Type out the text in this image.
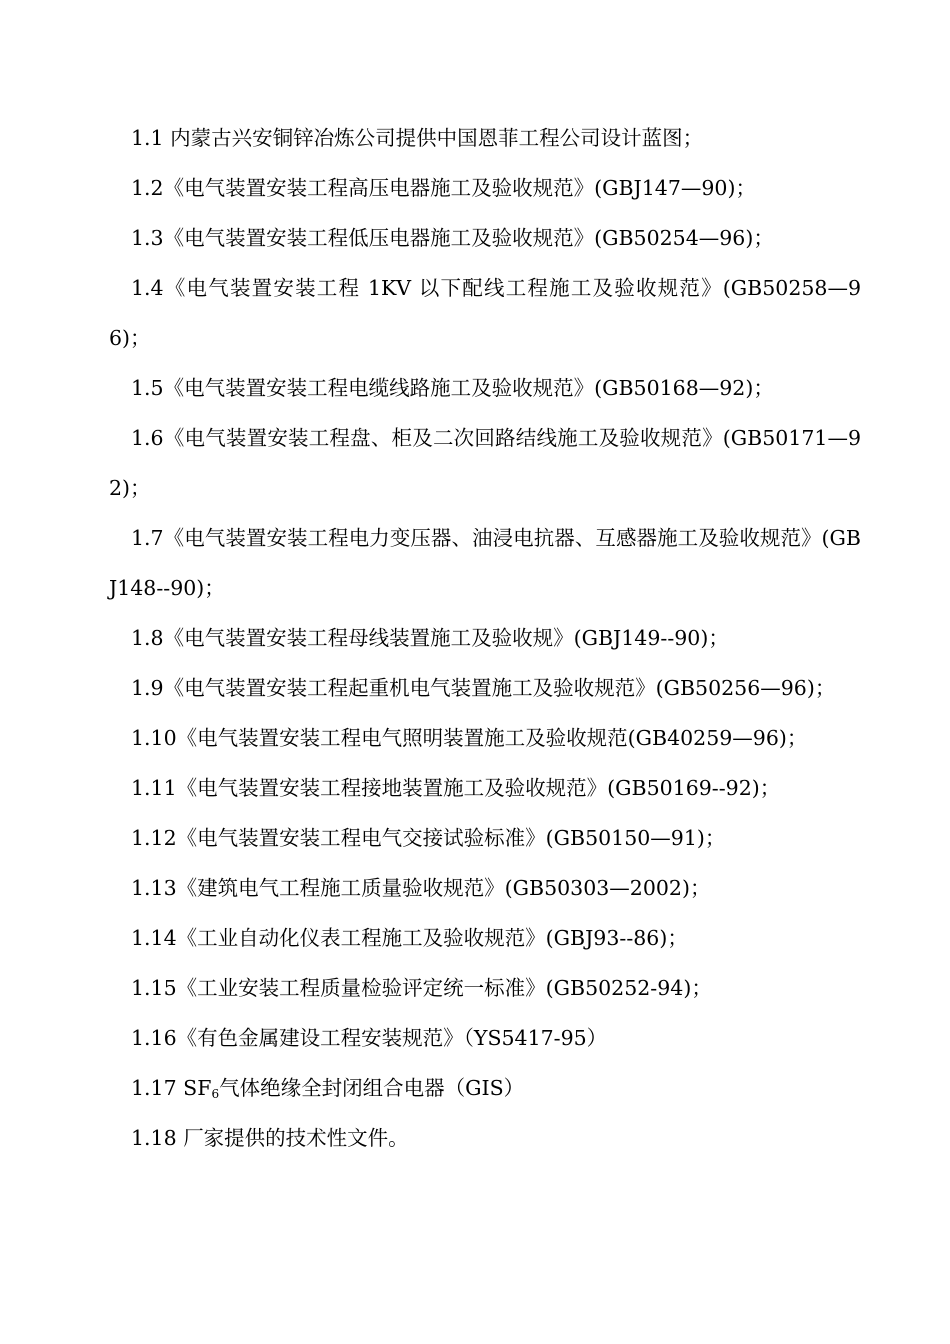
1.1 内蒙古兴安铜锌冶炼公司提供中国恩菲工程公司设计蓝图；

1.2《电气装置安装工程高压电器施工及验收规范》(GBJ147—90)；

1.3《电气装置安装工程低压电器施工及验收规范》(GB50254—96)；

1.4《电气装置安装工程 1KV 以下配线工程施工及验收规范》(GB50258—96)；

1.5《电气装置安装工程电缆线路施工及验收规范》(GB50168—92)；

1.6《电气装置安装工程盘、柜及二次回路结线施工及验收规范》(GB50171—92)；

1.7《电气装置安装工程电力变压器、油浸电抗器、互感器施工及验收规范》(GBJ148--90)；

1.8《电气装置安装工程母线装置施工及验收规》(GBJ149--90)；

1.9《电气装置安装工程起重机电气装置施工及验收规范》(GB50256—96)；

1.10《电气装置安装工程电气照明装置施工及验收规范(GB40259—96)；

1.11《电气装置安装工程接地装置施工及验收规范》(GB50169--92)；

1.12《电气装置安装工程电气交接试验标准》(GB50150—91)；

1.13《建筑电气工程施工质量验收规范》(GB50303—2002)；

1.14《工业自动化仪表工程施工及验收规范》(GBJ93--86)；

1.15《工业安装工程质量检验评定统一标准》(GB50252-94)；

1.16《有色金属建设工程安装规范》（YS5417-95）

1.17 $SF_6$气体绝缘全封闭组合电器（GIS）

1.18 厂家提供的技术性文件。
